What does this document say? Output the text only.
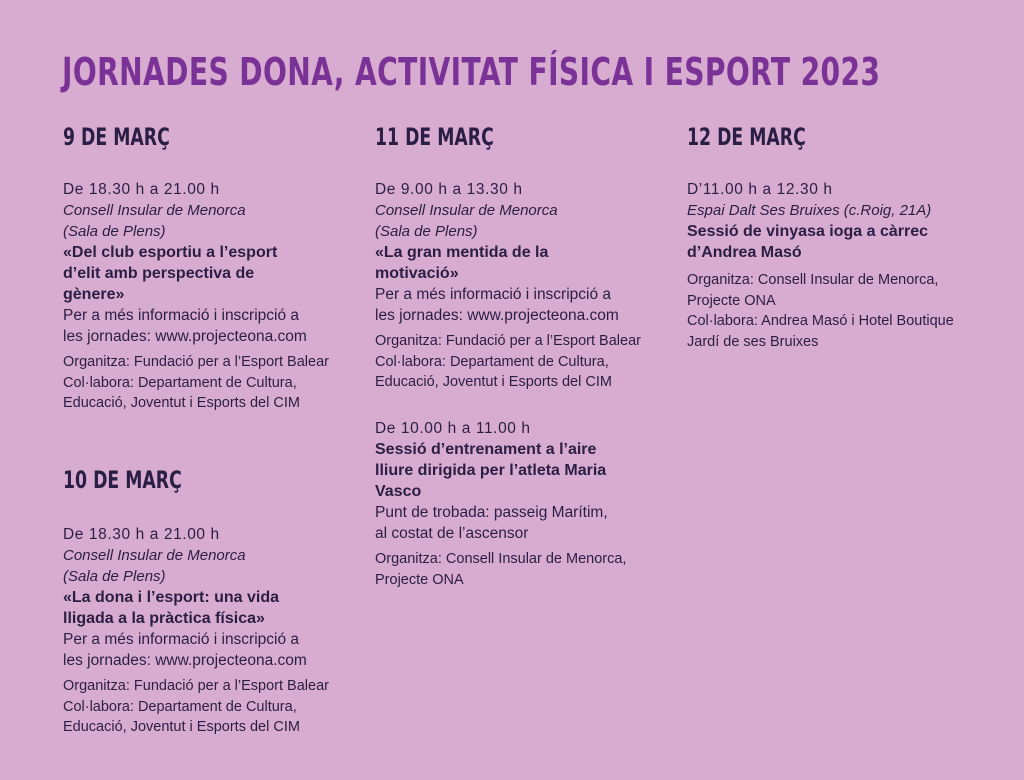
JORNADES DONA, ACTIVITAT FÍSICA I ESPORT 2023
9 DE MARÇ
De 18.30 h a 21.00 h
Consell Insular de Menorca
(Sala de Plens)
«Del club esportiu a l’esport
d’elit amb perspectiva de
gènere»
Per a més informació i inscripció a
les jornades: www.projecteona.com
Organitza: Fundació per a l’Esport Balear
Col·labora: Departament de Cultura,
Educació, Joventut i Esports del CIM
10 DE MARÇ
De 18.30 h a 21.00 h
Consell Insular de Menorca
(Sala de Plens)
«La dona i l’esport: una vida
lligada a la pràctica física»
Per a més informació i inscripció a
les jornades: www.projecteona.com
Organitza: Fundació per a l’Esport Balear
Col·labora: Departament de Cultura,
Educació, Joventut i Esports del CIM
11 DE MARÇ
De 9.00 h a 13.30 h
Consell Insular de Menorca
(Sala de Plens)
«La gran mentida de la
motivació»
Per a més informació i inscripció a
les jornades: www.projecteona.com
Organitza: Fundació per a l’Esport Balear
Col·labora: Departament de Cultura,
Educació, Joventut i Esports del CIM
De 10.00 h a 11.00 h
Sessió d’entrenament a l’aire
lliure dirigida per l’atleta Maria
Vasco
Punt de trobada: passeig Marítim,
al costat de l’ascensor
Organitza: Consell Insular de Menorca,
Projecte ONA
12 DE MARÇ
D’11.00 h a 12.30 h
Espai Dalt Ses Bruixes (c.Roig, 21A)
Sessió de vinyasa ioga a càrrec
d’Andrea Masó
Organitza: Consell Insular de Menorca,
Projecte ONA
Col·labora: Andrea Masó i Hotel Boutique
Jardí de ses Bruixes
